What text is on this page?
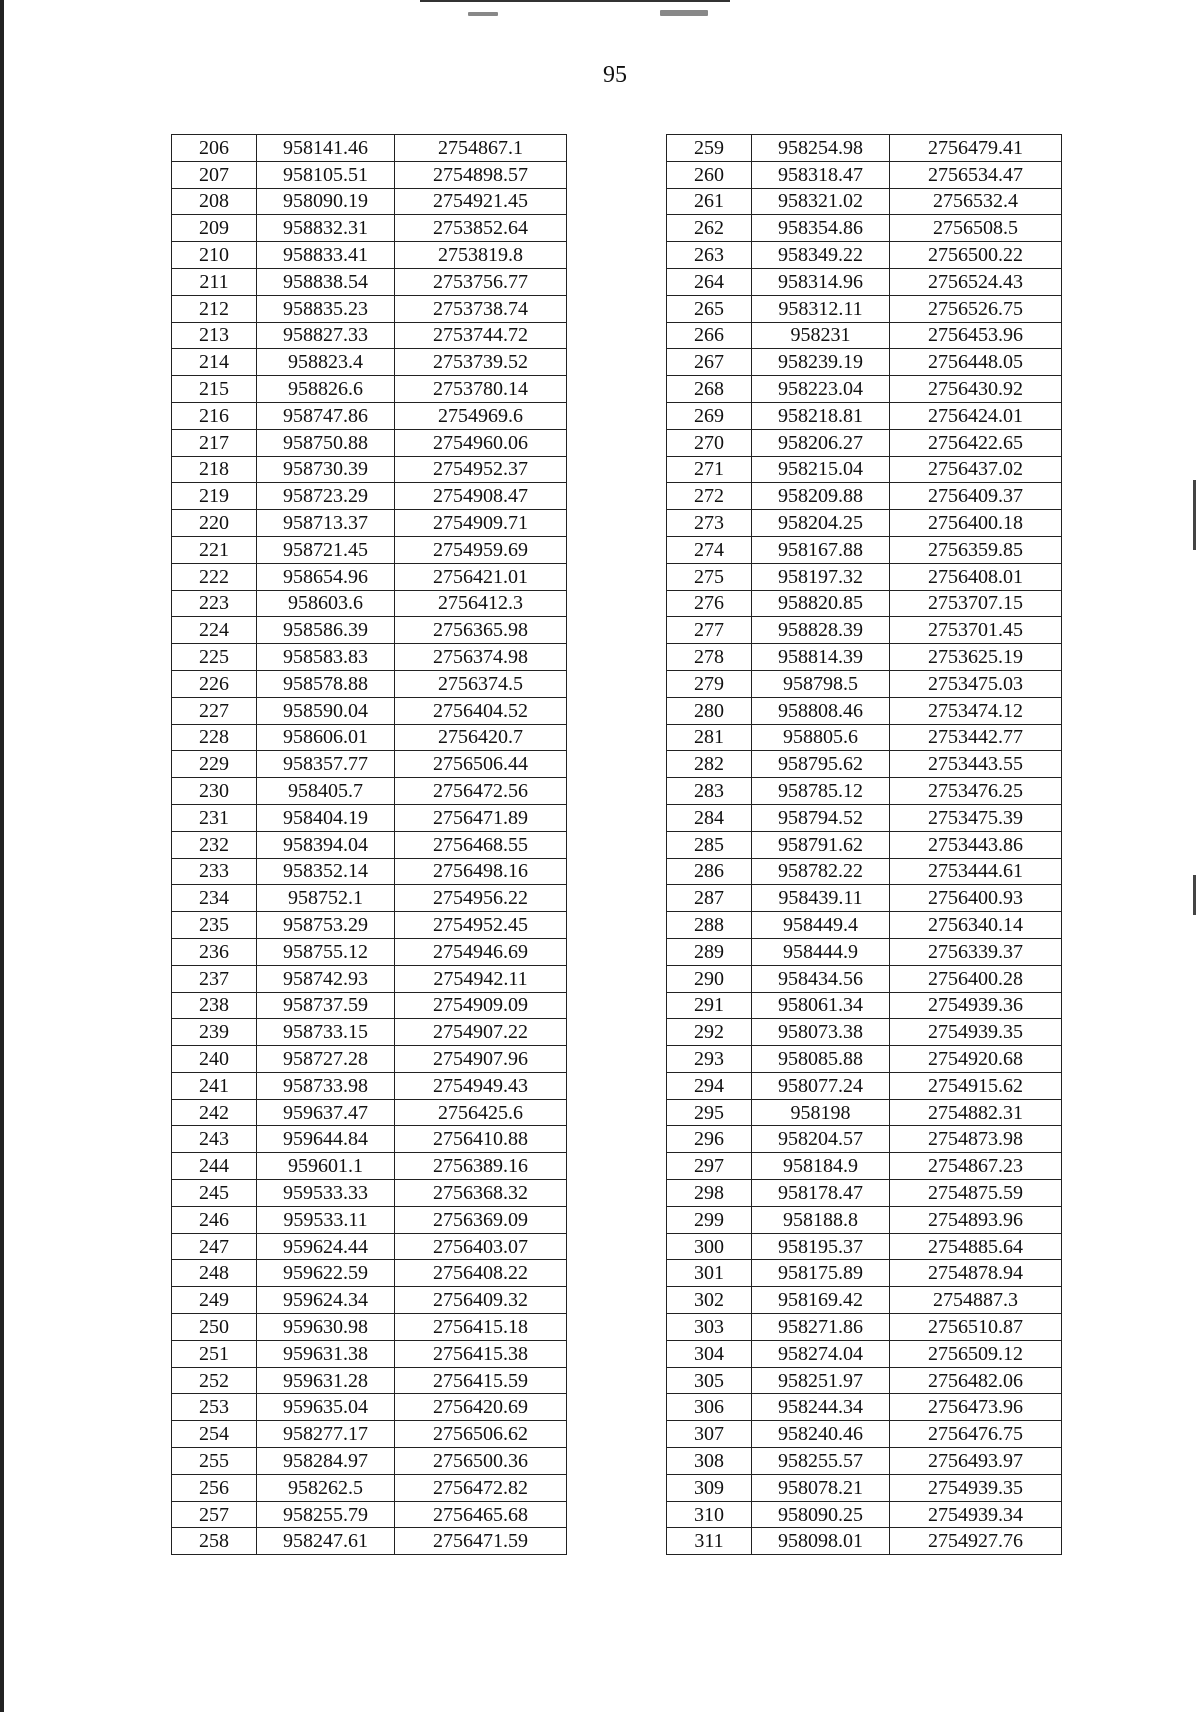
95
206	958141.46	2754867.1
207	958105.51	2754898.57
208	958090.19	2754921.45
209	958832.31	2753852.64
210	958833.41	2753819.8
211	958838.54	2753756.77
212	958835.23	2753738.74
213	958827.33	2753744.72
214	958823.4	2753739.52
215	958826.6	2753780.14
216	958747.86	2754969.6
217	958750.88	2754960.06
218	958730.39	2754952.37
219	958723.29	2754908.47
220	958713.37	2754909.71
221	958721.45	2754959.69
222	958654.96	2756421.01
223	958603.6	2756412.3
224	958586.39	2756365.98
225	958583.83	2756374.98
226	958578.88	2756374.5
227	958590.04	2756404.52
228	958606.01	2756420.7
229	958357.77	2756506.44
230	958405.7	2756472.56
231	958404.19	2756471.89
232	958394.04	2756468.55
233	958352.14	2756498.16
234	958752.1	2754956.22
235	958753.29	2754952.45
236	958755.12	2754946.69
237	958742.93	2754942.11
238	958737.59	2754909.09
239	958733.15	2754907.22
240	958727.28	2754907.96
241	958733.98	2754949.43
242	959637.47	2756425.6
243	959644.84	2756410.88
244	959601.1	2756389.16
245	959533.33	2756368.32
246	959533.11	2756369.09
247	959624.44	2756403.07
248	959622.59	2756408.22
249	959624.34	2756409.32
250	959630.98	2756415.18
251	959631.38	2756415.38
252	959631.28	2756415.59
253	959635.04	2756420.69
254	958277.17	2756506.62
255	958284.97	2756500.36
256	958262.5	2756472.82
257	958255.79	2756465.68
258	958247.61	2756471.59
259	958254.98	2756479.41
260	958318.47	2756534.47
261	958321.02	2756532.4
262	958354.86	2756508.5
263	958349.22	2756500.22
264	958314.96	2756524.43
265	958312.11	2756526.75
266	958231	2756453.96
267	958239.19	2756448.05
268	958223.04	2756430.92
269	958218.81	2756424.01
270	958206.27	2756422.65
271	958215.04	2756437.02
272	958209.88	2756409.37
273	958204.25	2756400.18
274	958167.88	2756359.85
275	958197.32	2756408.01
276	958820.85	2753707.15
277	958828.39	2753701.45
278	958814.39	2753625.19
279	958798.5	2753475.03
280	958808.46	2753474.12
281	958805.6	2753442.77
282	958795.62	2753443.55
283	958785.12	2753476.25
284	958794.52	2753475.39
285	958791.62	2753443.86
286	958782.22	2753444.61
287	958439.11	2756400.93
288	958449.4	2756340.14
289	958444.9	2756339.37
290	958434.56	2756400.28
291	958061.34	2754939.36
292	958073.38	2754939.35
293	958085.88	2754920.68
294	958077.24	2754915.62
295	958198	2754882.31
296	958204.57	2754873.98
297	958184.9	2754867.23
298	958178.47	2754875.59
299	958188.8	2754893.96
300	958195.37	2754885.64
301	958175.89	2754878.94
302	958169.42	2754887.3
303	958271.86	2756510.87
304	958274.04	2756509.12
305	958251.97	2756482.06
306	958244.34	2756473.96
307	958240.46	2756476.75
308	958255.57	2756493.97
309	958078.21	2754939.35
310	958090.25	2754939.34
311	958098.01	2754927.76
